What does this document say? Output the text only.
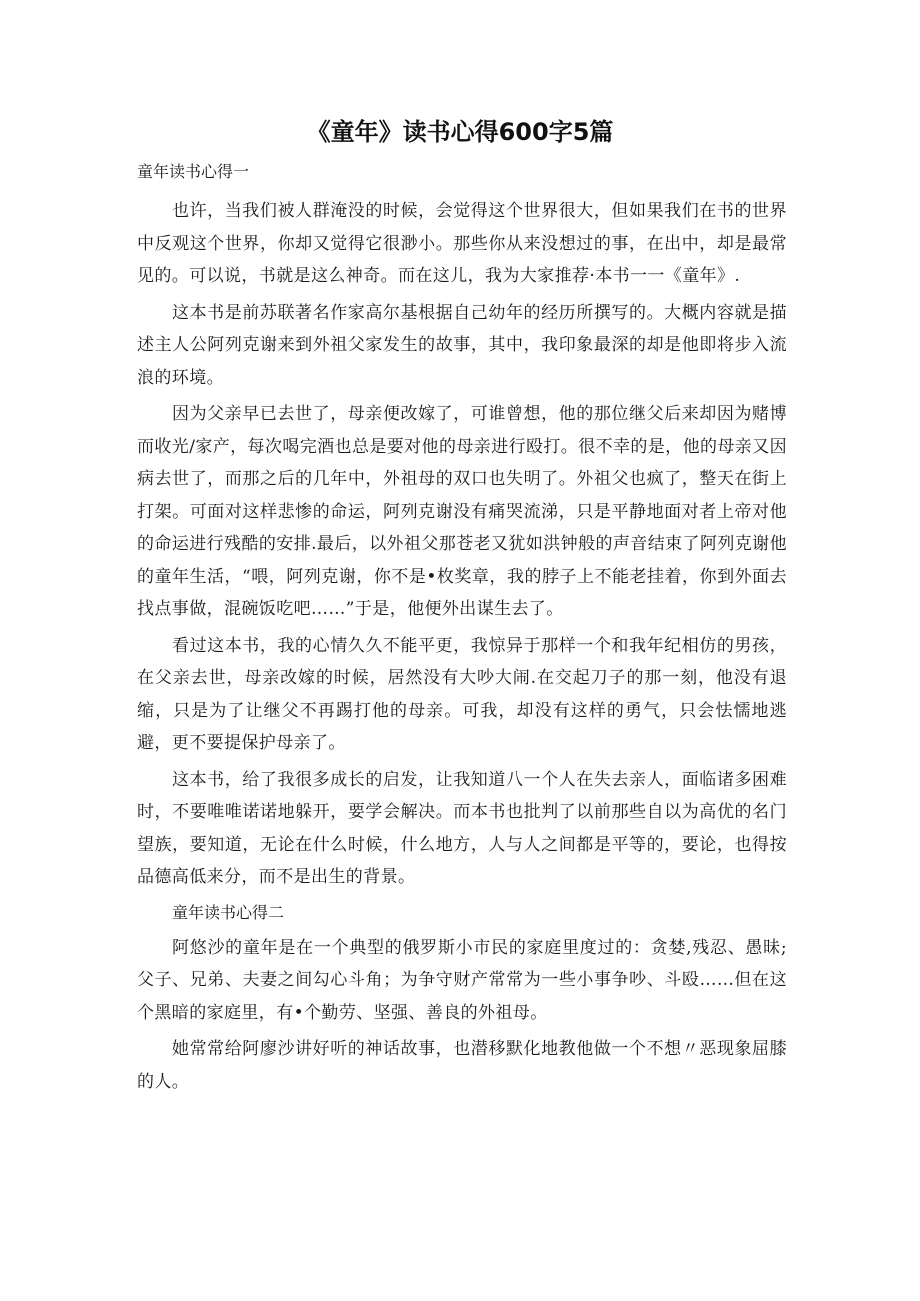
《童年》读书心得600字5篇

童年读书心得一

也许，当我们被人群淹没的时候，会觉得这个世界很大，但如果我们在书的世界中反观这个世界，你却又觉得它很渺小。那些你从来没想过的事，在出中，却是最常见的。可以说，书就是这么神奇。而在这儿，我为大家推荐·本书一一《童年》.

这本书是前苏联著名作家高尔基根据自己幼年的经历所撰写的。大概内容就是描述主人公阿列克谢来到外祖父家发生的故事，其中，我印象最深的却是他即将步入流浪的环境。

因为父亲早已去世了，母亲便改嫁了，可谁曾想，他的那位继父后来却因为赌博而收光/家产，每次喝完酒也总是要对他的母亲进行殴打。很不幸的是，他的母亲又因病去世了，而那之后的几年中，外祖母的双口也失明了。外祖父也疯了，整天在街上打架。可面对这样悲惨的命运，阿列克谢没有痛哭流涕，只是平静地面对者上帝对他的命运进行残酷的安排.最后，以外祖父那苍老又犹如洪钟般的声音结束了阿列克谢他的童年生活，“喂，阿列克谢，你不是•枚奖章，我的脖子上不能老挂着，你到外面去找点事做，混碗饭吃吧……”于是，他便外出谋生去了。

看过这本书，我的心情久久不能平更，我惊异于那样一个和我年纪相仿的男孩，在父亲去世，母亲改嫁的时候，居然没有大吵大闹.在交起刀子的那一刻，他没有退缩，只是为了让继父不再踢打他的母亲。可我，却没有这样的勇气，只会怯懦地逃避，更不要提保护母亲了。

这本书，给了我很多成长的启发，让我知道八一个人在失去亲人，面临诸多困难时，不要唯唯诺诺地躲开，要学会解决。而本书也批判了以前那些自以为高优的名门望族，要知道，无论在什么时候，什么地方，人与人之间都是平等的，要论，也得按品德高低来分，而不是出生的背景。

童年读书心得二

阿悠沙的童年是在一个典型的俄罗斯小市民的家庭里度过的：贪婪,残忍、愚昧;父子、兄弟、夫妻之间勾心斗角；为争守财产常常为一些小事争吵、斗殴……但在这个黑暗的家庭里，有•个勤劳、坚强、善良的外祖母。

她常常给阿廖沙讲好听的神话故事，也潜移默化地教他做一个不想〃恶现象屈膝的人。
